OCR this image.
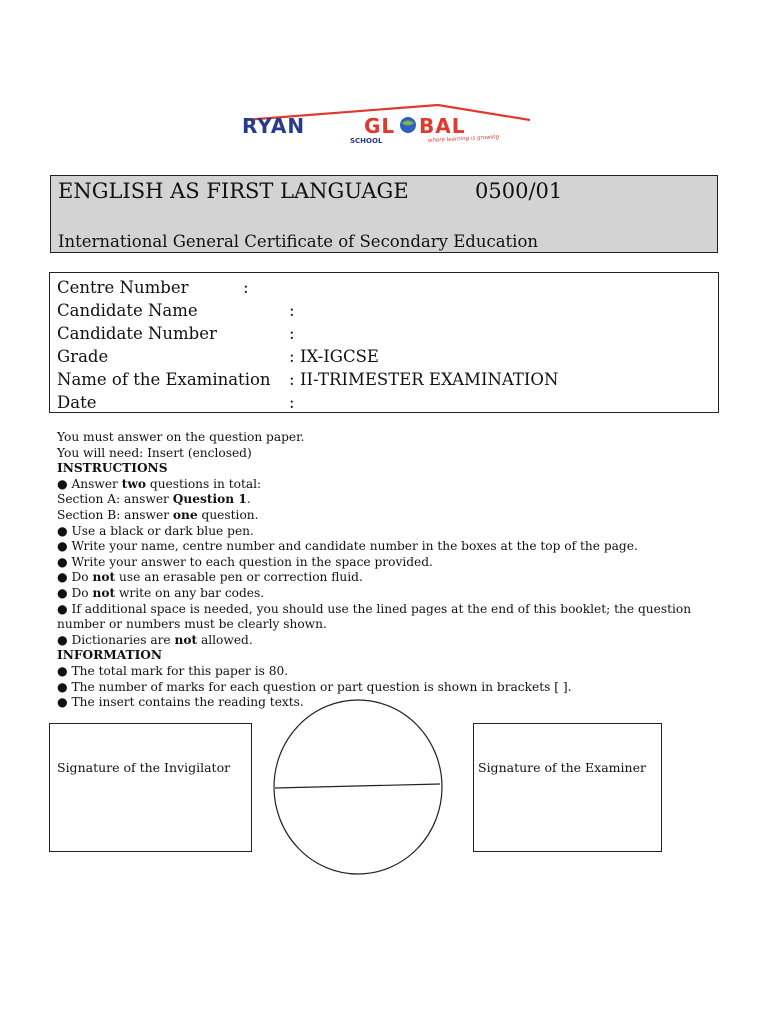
RYAN	GL BAL
SCHOOL	where learning is growing
ENGLISH AS FIRST LANGUAGE	0500/01
International General Certificate of Secondary Education
Centre Number	:
Candidate Name	:
Candidate Number	:
Grade	: IX-IGCSE
Name of the Examination : II-TRIMESTER EXAMINATION
Date	:

You must answer on the question paper.

You will need: Insert (enclosed)

INSTRUCTIONS

● Answer two questions in total:

Section A: answer Question 1.

Section B: answer one question.

● Use a black or dark blue pen.

● Write your name, centre number and candidate number in the boxes at the top of the page.

● Write your answer to each question in the space provided.

● Do not use an erasable pen or correction fluid.

● Do not write on any bar codes.

● If additional space is needed, you should use the lined pages at the end of this booklet; the question

number or numbers must be clearly shown.

● Dictionaries are not allowed.

INFORMATION

● The total mark for this paper is 80.

● The number of marks for each question or part question is shown in brackets [ ].

● The insert contains the reading texts.

Signature of the Invigilator	Signature of the Examiner
